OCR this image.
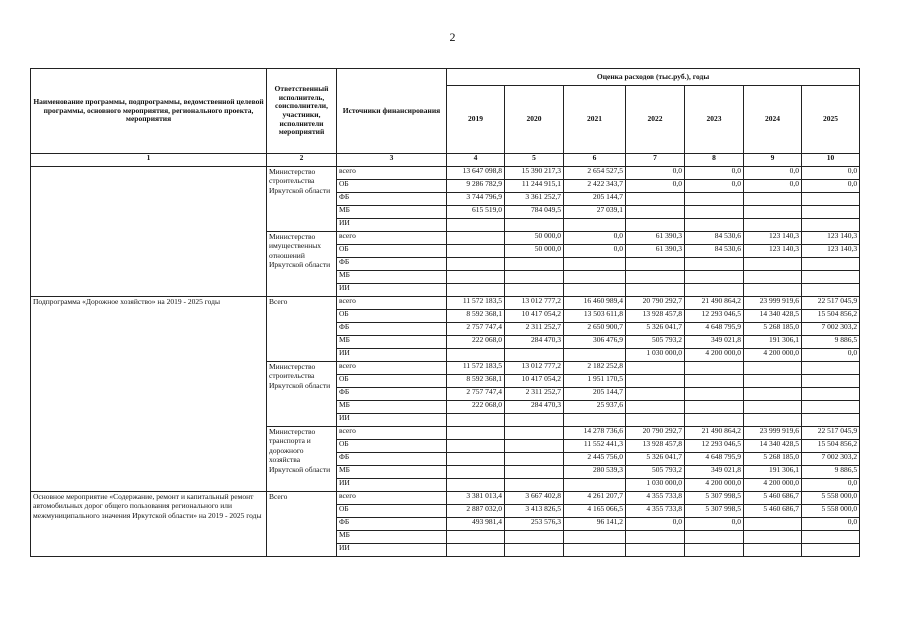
2
Наименование программы, подпрограммы, ведомственной целевой программы, основного мероприятия, регионального проекта, мероприятия	Ответственный исполнитель, соисполнители, участники, исполнители мероприятий	Источники финансирования	Оценка расходов (тыс.руб.), годы						
			2019	2020	2021	2022	2023	2024	2025
1	2	3	4	5	6	7	8	9	10
	Министерство строительства Иркутской области	всего	13 647 098,8	15 390 217,3	2 654 527,5	0,0	0,0	0,0	0,0
		ОБ	9 286 782,9	11 244 915,1	2 422 343,7	0,0	0,0	0,0	0,0
		ФБ	3 744 796,9	3 361 252,7	205 144,7				
		МБ	615 519,0	784 049,5	27 039,1				
		ИИ							
	Министерство имущественных отношений Иркутской области	всего		50 000,0	0,0	61 390,3	84 530,6	123 140,3	123 140,3
		ОБ		50 000,0	0,0	61 390,3	84 530,6	123 140,3	123 140,3
		ФБ							
		МБ							
		ИИ							
Подпрограмма «Дорожное хозяйство» на 2019 - 2025 годы	Всего	всего	11 572 183,5	13 012 777,2	16 460 989,4	20 790 292,7	21 490 864,2	23 999 919,6	22 517 045,9
		ОБ	8 592 368,1	10 417 054,2	13 503 611,8	13 928 457,8	12 293 046,5	14 340 428,5	15 504 856,2
		ФБ	2 757 747,4	2 311 252,7	2 650 900,7	5 326 041,7	4 648 795,9	5 268 185,0	7 002 303,2
		МБ	222 068,0	284 470,3	306 476,9	505 793,2	349 021,8	191 306,1	9 886,5
		ИИ				1 030 000,0	4 200 000,0	4 200 000,0	0,0
	Министерство строительства Иркутской области	всего	11 572 183,5	13 012 777,2	2 182 252,8				
		ОБ	8 592 368,1	10 417 054,2	1 951 170,5				
		ФБ	2 757 747,4	2 311 252,7	205 144,7				
		МБ	222 068,0	284 470,3	25 937,6				
		ИИ							
	Министерство транспорта и дорожного хозяйства Иркутской области	всего			14 278 736,6	20 790 292,7	21 490 864,2	23 999 919,6	22 517 045,9
		ОБ			11 552 441,3	13 928 457,8	12 293 046,5	14 340 428,5	15 504 856,2
		ФБ			2 445 756,0	5 326 041,7	4 648 795,9	5 268 185,0	7 002 303,2
		МБ			280 539,3	505 793,2	349 021,8	191 306,1	9 886,5
		ИИ				1 030 000,0	4 200 000,0	4 200 000,0	0,0
Основное мероприятие «Содержание, ремонт и капитальный ремонт автомобильных дорог общего пользования регионального или межмуниципального значения Иркутской области» на 2019 - 2025 годы	Всего	всего	3 381 013,4	3 667 402,8	4 261 207,7	4 355 733,8	5 307 998,5	5 460 686,7	5 558 000,0
		ОБ	2 887 032,0	3 413 826,5	4 165 066,5	4 355 733,8	5 307 998,5	5 460 686,7	5 558 000,0
		ФБ	493 981,4	253 576,3	96 141,2	0,0	0,0		0,0
		МБ							
		ИИ							
